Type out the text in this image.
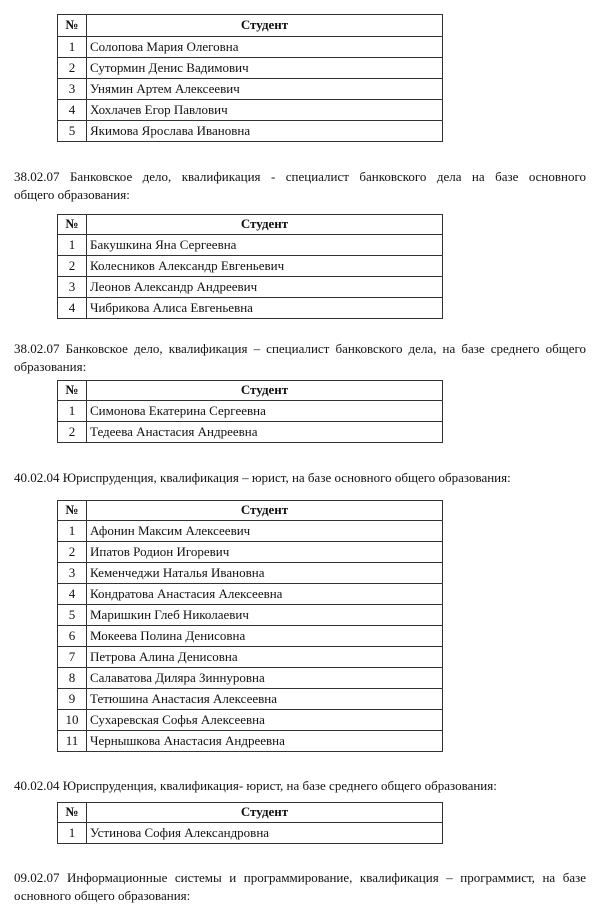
№	Студент
1	Солопова Мария Олеговна
2	Сутормин Денис Вадимович
3	Унямин Артем Алексеевич
4	Хохлачев Егор Павлович
5	Якимова Ярослава Ивановна

38.02.07 Банковское дело, квалификация - специалист банковского дела на базе основного
общего образования:

№	Студент
1	Бакушкина Яна Сергеевна
2	Колесников Александр Евгеньевич
3	Леонов Александр Андреевич
4	Чибрикова Алиса Евгеньевна

38.02.07 Банковское дело, квалификация – специалист банковского дела, на базе среднего общего
образования:

№	Студент
1	Симонова Екатерина Сергеевна
2	Тедеева Анастасия Андреевна

40.02.04 Юриспруденция, квалификация – юрист, на базе основного общего образования:

№	Студент
1	Афонин Максим Алексеевич
2	Ипатов Родион Игоревич
3	Кеменчеджи Наталья Ивановна
4	Кондратова Анастасия Алексеевна
5	Маришкин Глеб Николаевич
6	Мокеева Полина Денисовна
7	Петрова Алина Денисовна
8	Салаватова Диляра Зиннуровна
9	Тетюшина Анастасия Алексеевна
10	Сухаревская Софья Алексеевна
11	Чернышкова Анастасия Андреевна

40.02.04 Юриспруденция, квалификация- юрист, на базе среднего общего образования:

№	Студент
1	Устинова София Александровна

09.02.07 Информационные системы и программирование, квалификация – программист, на базе
основного общего образования:
